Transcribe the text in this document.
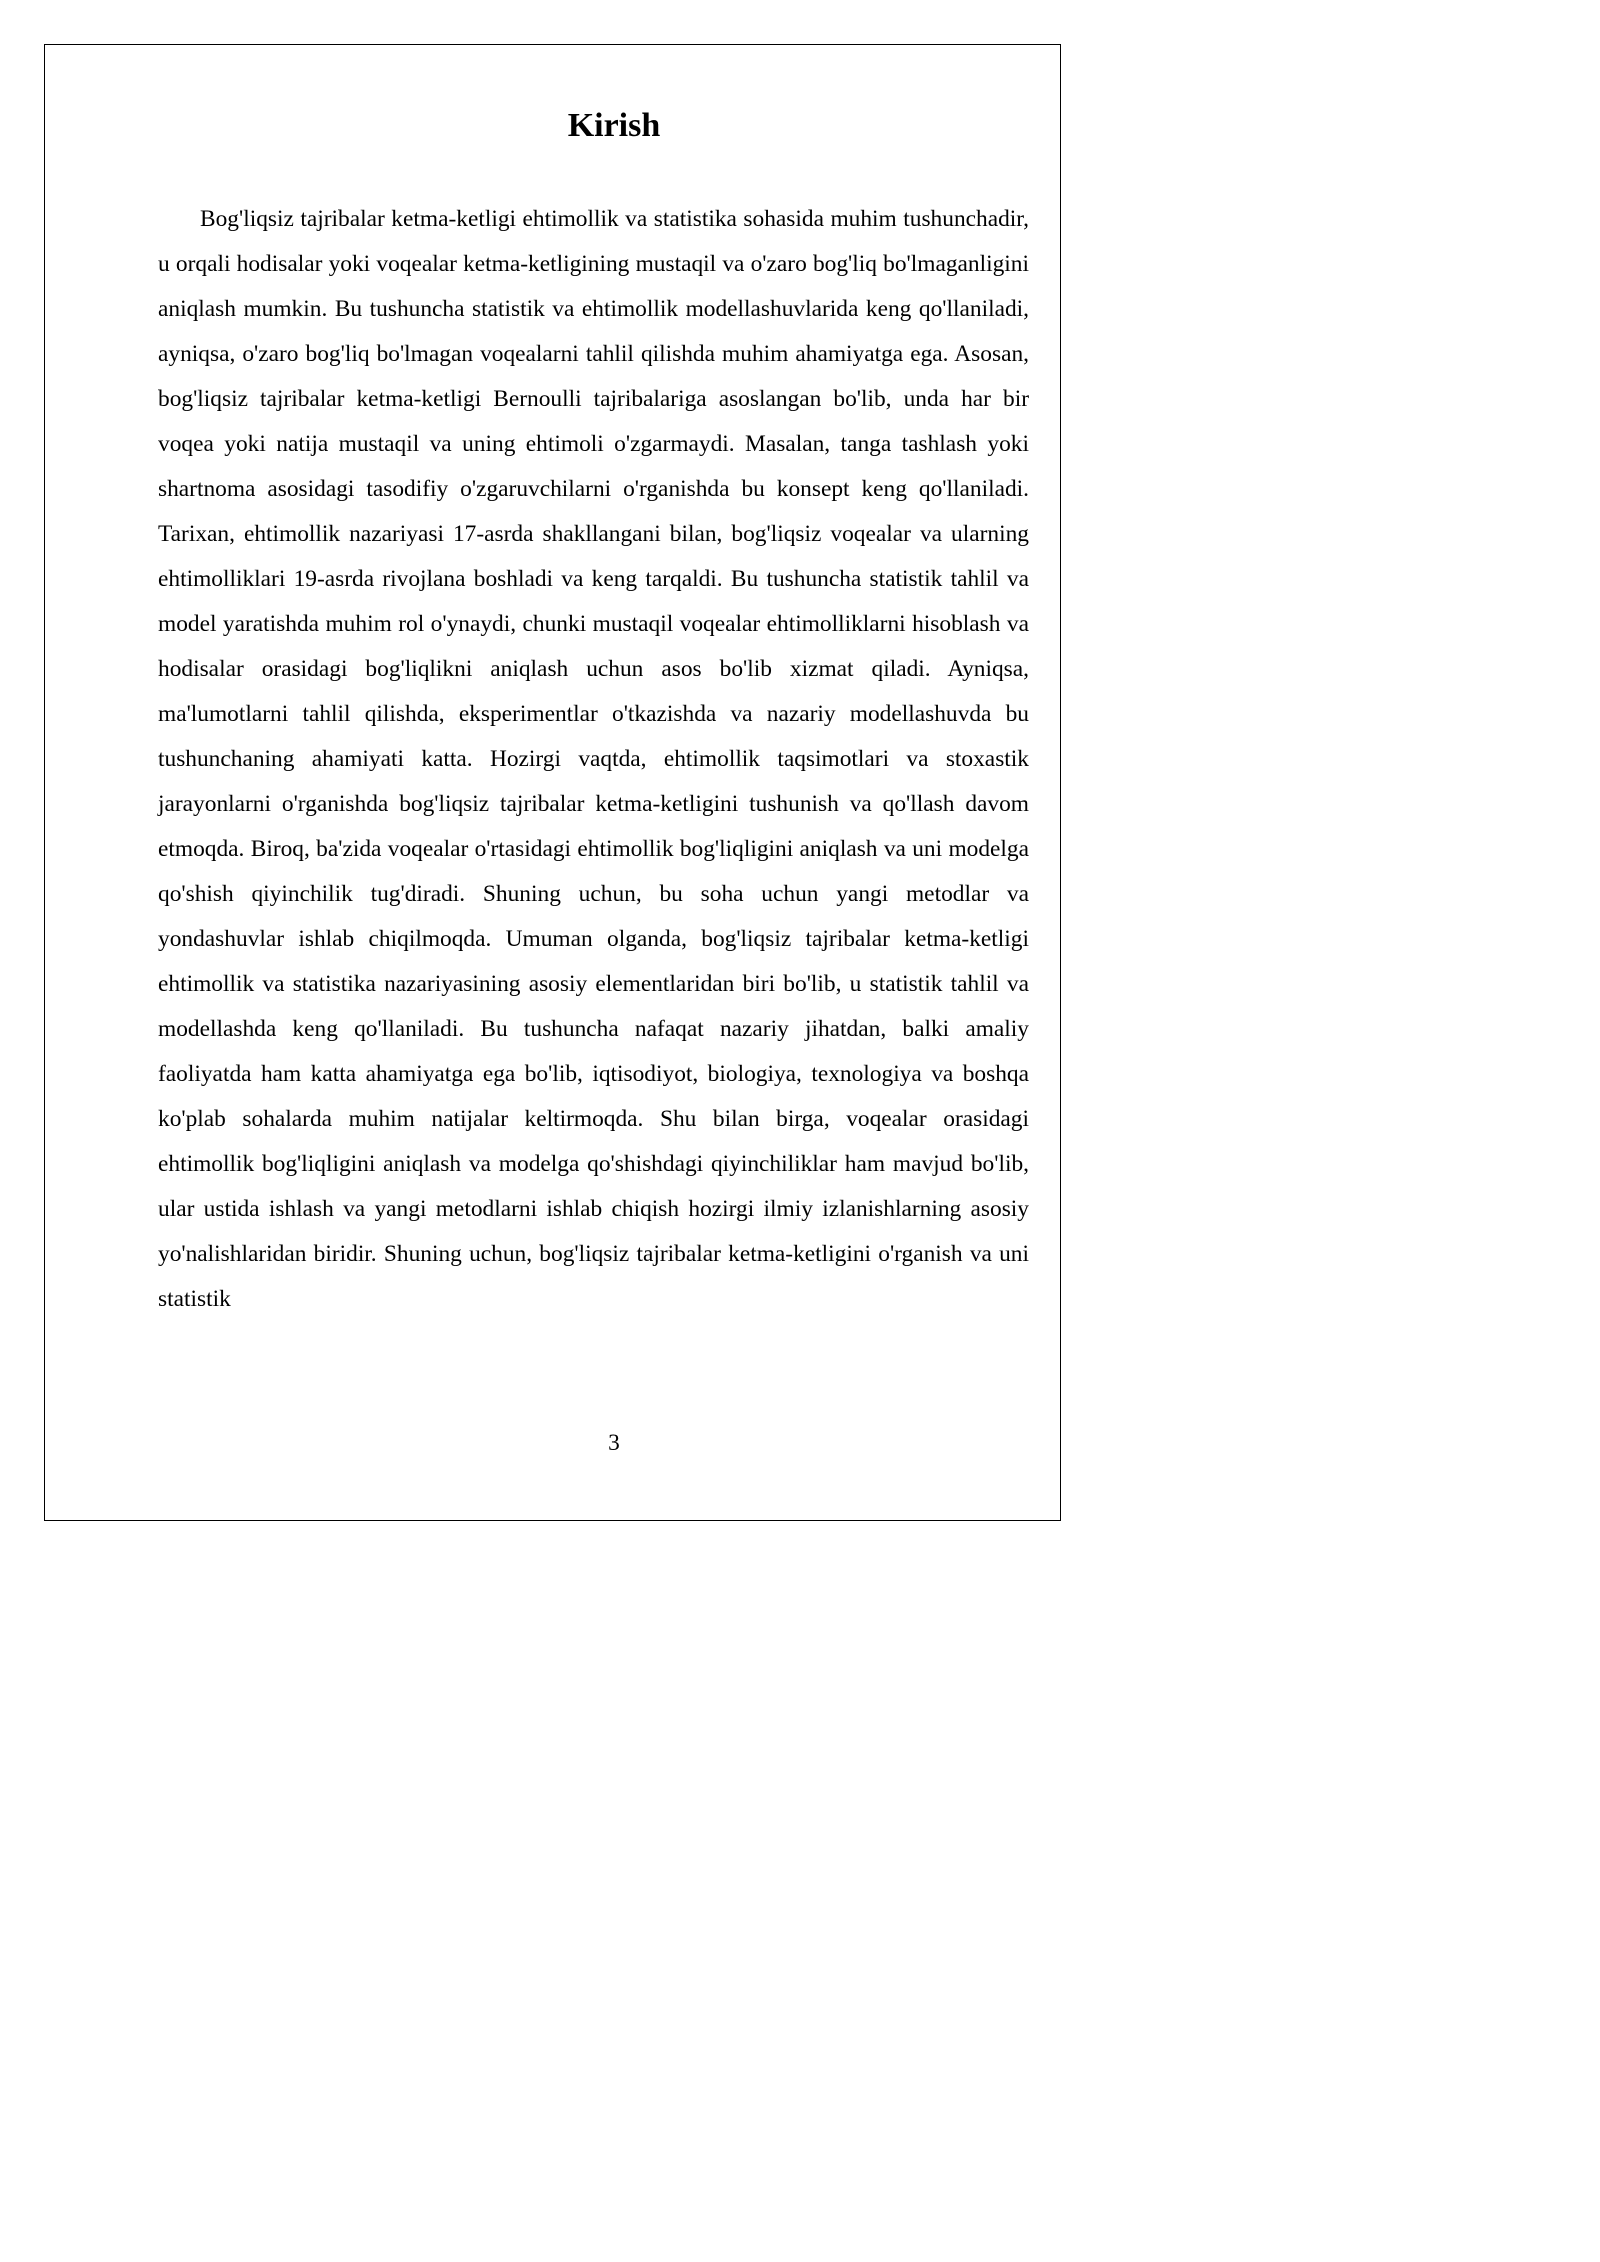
Kirish

Bog'liqsiz tajribalar ketma-ketligi ehtimollik va statistika sohasida muhim tushunchadir, u orqali hodisalar yoki voqealar ketma-ketligining mustaqil va o'zaro bog'liq bo'lmaganligini aniqlash mumkin. Bu tushuncha statistik va ehtimollik modellashuvlarida keng qo'llaniladi, ayniqsa, o'zaro bog'liq bo'lmagan voqealarni tahlil qilishda muhim ahamiyatga ega. Asosan, bog'liqsiz tajribalar ketma-ketligi Bernoulli tajribalariga asoslangan bo'lib, unda har bir voqea yoki natija mustaqil va uning ehtimoli o'zgarmaydi. Masalan, tanga tashlash yoki shartnoma asosidagi tasodifiy o'zgaruvchilarni o'rganishda bu konsept keng qo'llaniladi. Tarixan, ehtimollik nazariyasi 17-asrda shakllangani bilan, bog'liqsiz voqealar va ularning ehtimolliklari 19-asrda rivojlana boshladi va keng tarqaldi. Bu tushuncha statistik tahlil va model yaratishda muhim rol o'ynaydi, chunki mustaqil voqealar ehtimolliklarni hisoblash va hodisalar orasidagi bog'liqlikni aniqlash uchun asos bo'lib xizmat qiladi. Ayniqsa, ma'lumotlarni tahlil qilishda, eksperimentlar o'tkazishda va nazariy modellashuvda bu tushunchaning ahamiyati katta. Hozirgi vaqtda, ehtimollik taqsimotlari va stoxastik jarayonlarni o'rganishda bog'liqsiz tajribalar ketma-ketligini tushunish va qo'llash davom etmoqda. Biroq, ba'zida voqealar o'rtasidagi ehtimollik bog'liqligini aniqlash va uni modelga qo'shish qiyinchilik tug'diradi. Shuning uchun, bu soha uchun yangi metodlar va yondashuvlar ishlab chiqilmoqda. Umuman olganda, bog'liqsiz tajribalar ketma-ketligi ehtimollik va statistika nazariyasining asosiy elementlaridan biri bo'lib, u statistik tahlil va modellashda keng qo'llaniladi. Bu tushuncha nafaqat nazariy jihatdan, balki amaliy faoliyatda ham katta ahamiyatga ega bo'lib, iqtisodiyot, biologiya, texnologiya va boshqa ko'plab sohalarda muhim natijalar keltirmoqda. Shu bilan birga, voqealar orasidagi ehtimollik bog'liqligini aniqlash va modelga qo'shishdagi qiyinchiliklar ham mavjud bo'lib, ular ustida ishlash va yangi metodlarni ishlab chiqish hozirgi ilmiy izlanishlarning asosiy yo'nalishlaridan biridir. Shuning uchun, bog'liqsiz tajribalar ketma-ketligini o'rganish va uni statistik

3
